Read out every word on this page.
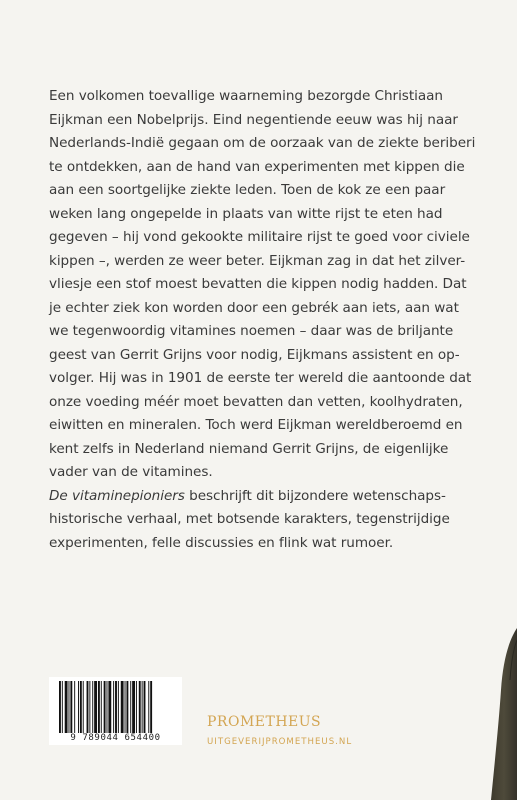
Een volkomen toevallige waarneming bezorgde Christiaan
Eijkman een Nobelprijs. Eind negentiende eeuw was hij naar
Nederlands-Indië gegaan om de oorzaak van de ziekte beriberi
te ontdekken, aan de hand van experimenten met kippen die
aan een soortgelijke ziekte leden. Toen de kok ze een paar
weken lang ongepelde in plaats van witte rijst te eten had
gegeven – hij vond gekookte militaire rijst te goed voor civiele
kippen –, werden ze weer beter. Eijkman zag in dat het zilver-
vliesje een stof moest bevatten die kippen nodig hadden. Dat
je echter ziek kon worden door een gebrék aan iets, aan wat
we tegenwoordig vitamines noemen – daar was de briljante
geest van Gerrit Grijns voor nodig, Eijkmans assistent en op-
volger. Hij was in 1901 de eerste ter wereld die aantoonde dat
onze voeding méér moet bevatten dan vetten, koolhydraten,
eiwitten en mineralen. Toch werd Eijkman wereldberoemd en
kent zelfs in Nederland niemand Gerrit Grijns, de eigenlijke
vader van de vitamines.

De vitaminepioniers beschrijft dit bijzondere wetenschaps-
historische verhaal, met botsende karakters, tegenstrijdige
experimenten, felle discussies en flink wat rumoer.

9 789044 654400
PROMETHEUS
UITGEVERIJPROMETHEUS.NL
